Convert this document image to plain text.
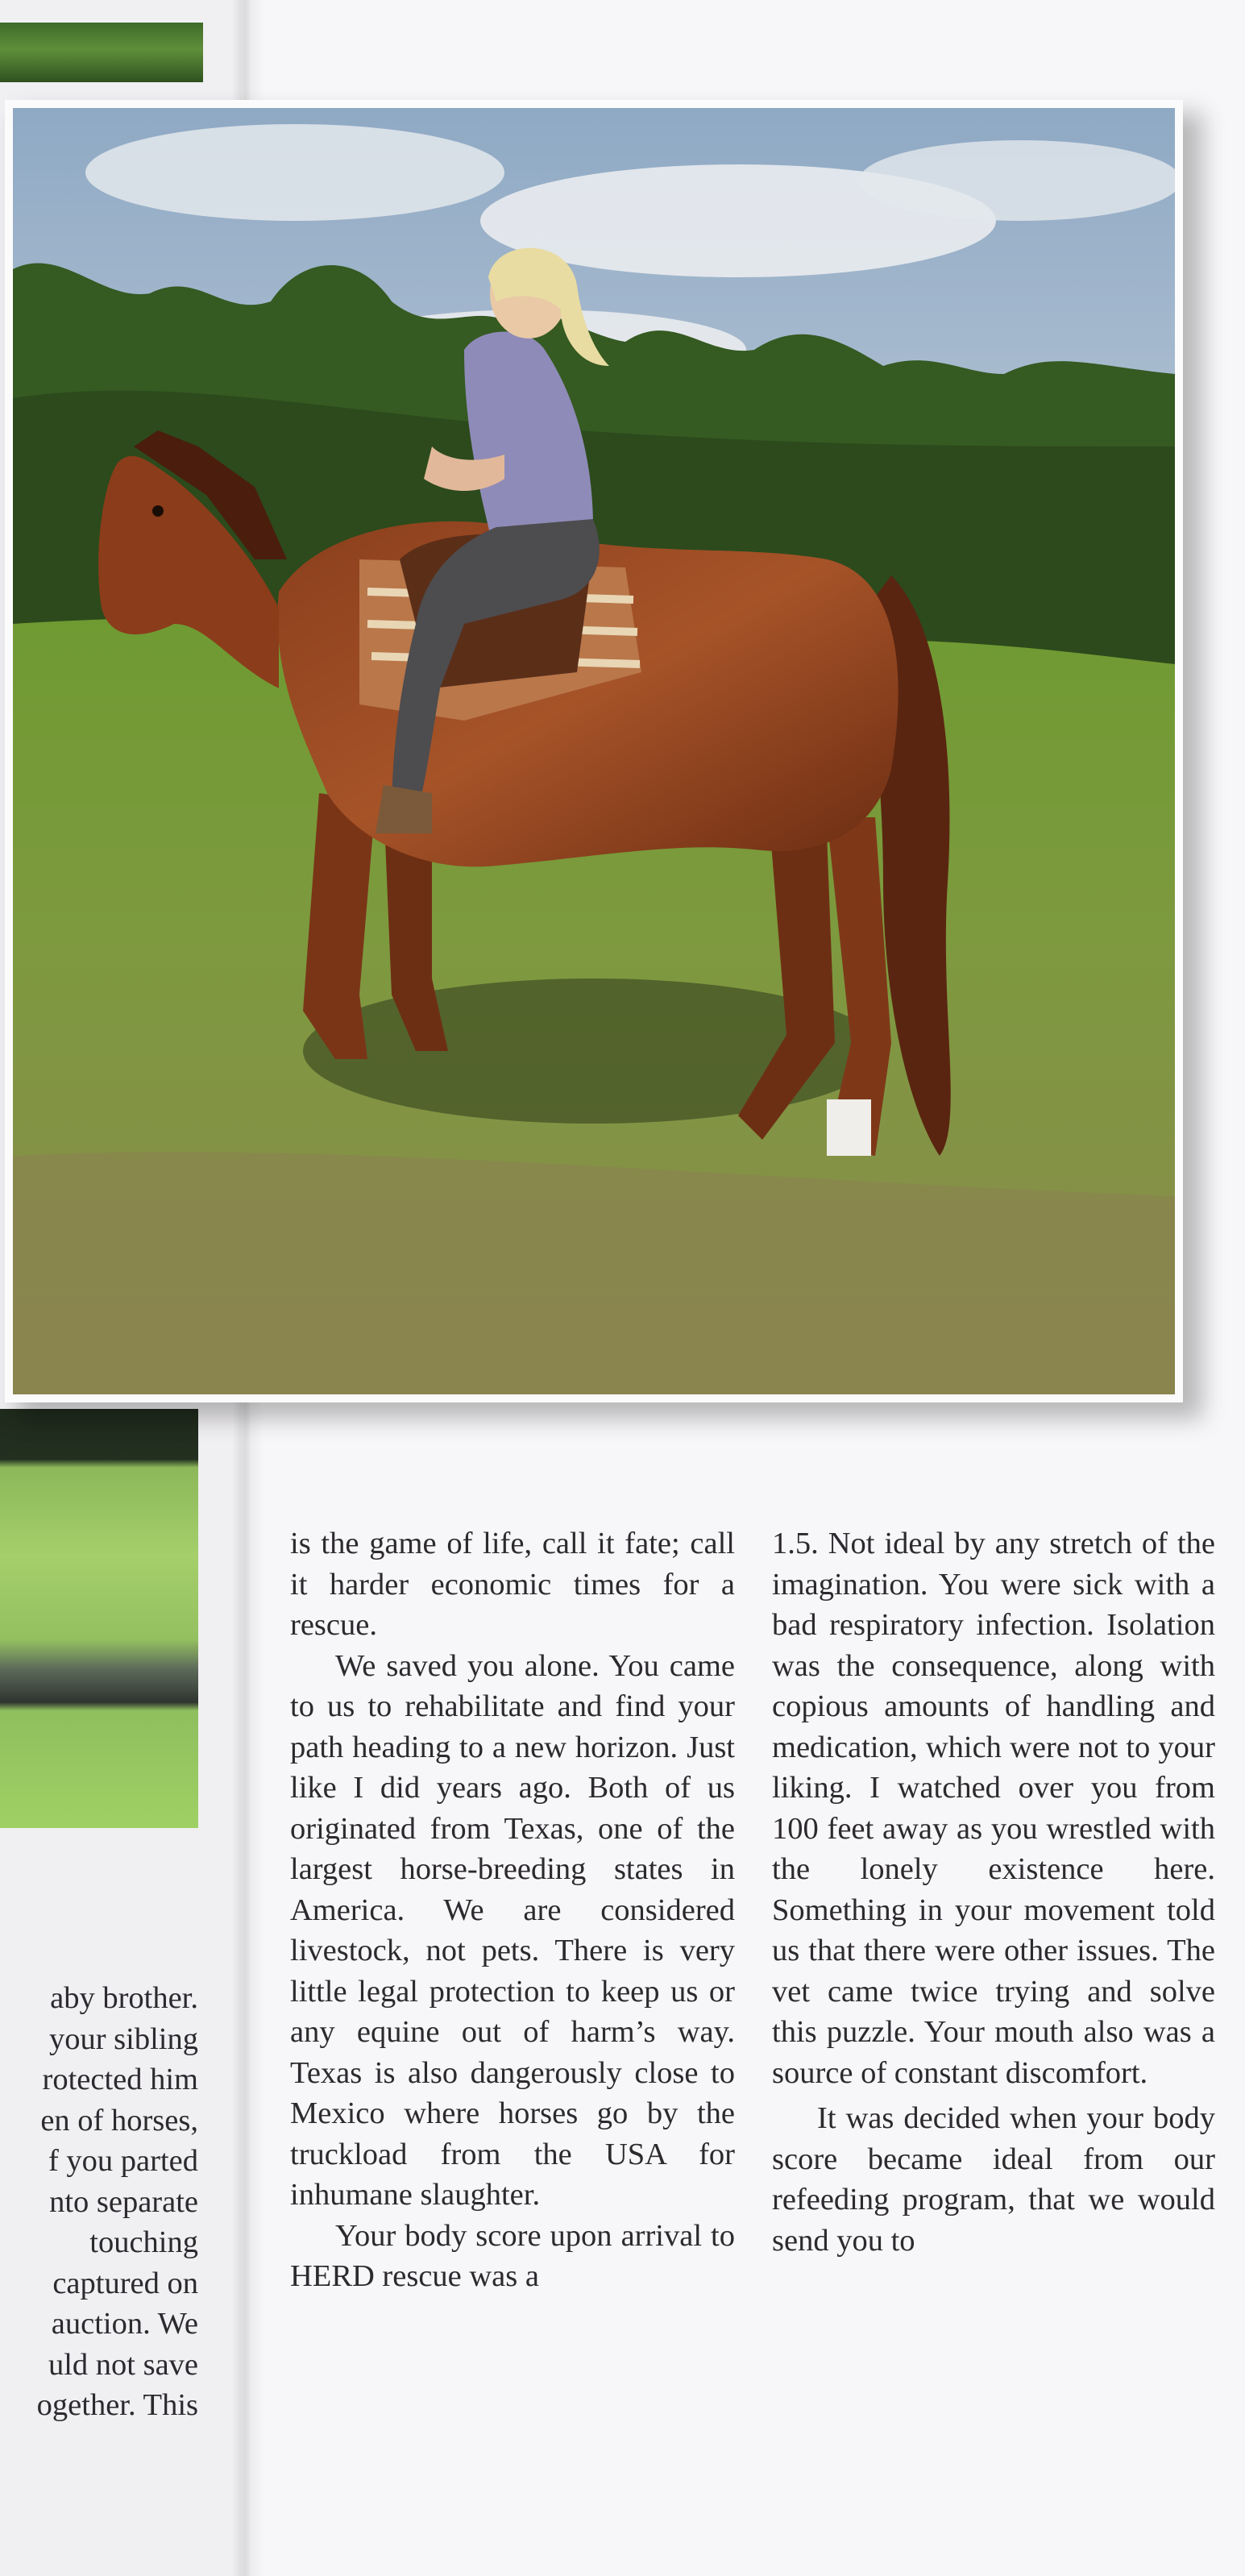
aby brother.
your sibling
rotected him
en of horses,
f you parted
nto separate
touching
captured on
auction. We
uld not save
ogether. This

is the game of life, call it fate; call it harder economic times for a rescue.

We saved you alone. You came to us to rehabilitate and find your path heading to a new horizon. Just like I did years ago. Both of us originated from Texas, one of the largest horse-breeding states in America. We are considered livestock, not pets. There is very little legal protection to keep us or any equine out of harm’s way. Texas is also dangerously close to Mexico where horses go by the truckload from the USA for inhumane slaughter.

Your body score upon arrival to HERD rescue was a

1.5. Not ideal by any stretch of the imagination. You were sick with a bad respiratory infection. Isolation was the consequence, along with copious amounts of handling and medication, which were not to your liking. I watched over you from 100 feet away as you wrestled with the lonely existence here. Something in your movement told us that there were other issues. The vet came twice trying and solve this puzzle. Your mouth also was a source of constant discomfort.

It was decided when your body score became ideal from our refeeding program, that we would send you to
